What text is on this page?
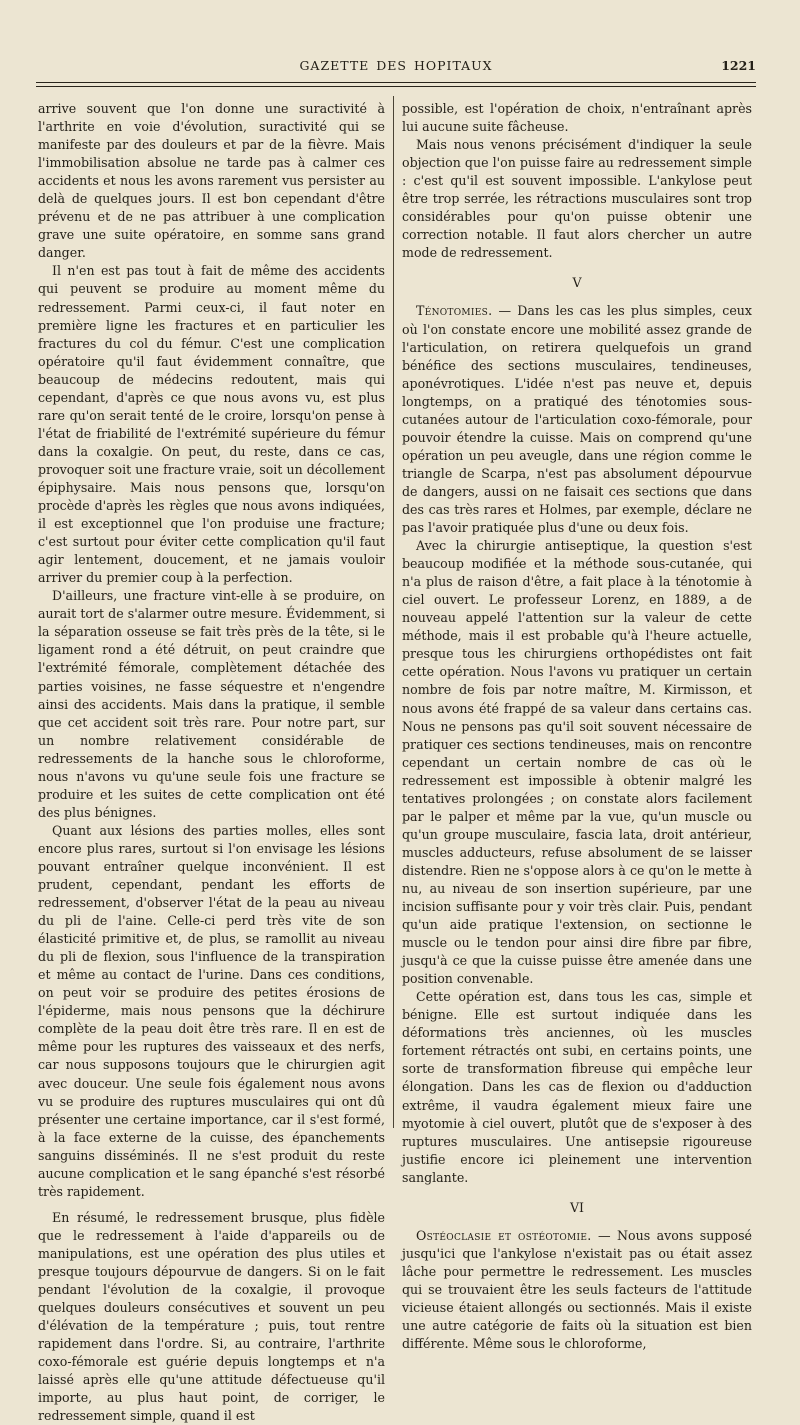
GAZETTE DES HOPITAUX	1221

arrive souvent que l'on donne une suractivité à l'arthrite en voie d'évolution, suractivité qui se manifeste par des douleurs et par de la fièvre. Mais l'immobilisation absolue ne tarde pas à calmer ces accidents et nous les avons rarement vus persister au delà de quelques jours. Il est bon cependant d'être prévenu et de ne pas attribuer à une complication grave une suite opératoire, en somme sans grand danger.

Il n'en est pas tout à fait de même des accidents qui peuvent se produire au moment même du redressement. Parmi ceux-ci, il faut noter en première ligne les fractures et en particulier les fractures du col du fémur. C'est une complication opératoire qu'il faut évidemment connaître, que beaucoup de médecins redoutent, mais qui cependant, d'après ce que nous avons vu, est plus rare qu'on serait tenté de le croire, lorsqu'on pense à l'état de friabilité de l'extrémité supérieure du fémur dans la coxalgie. On peut, du reste, dans ce cas, provoquer soit une fracture vraie, soit un décollement épiphysaire. Mais nous pensons que, lorsqu'on procède d'après les règles que nous avons indiquées, il est exceptionnel que l'on produise une fracture; c'est surtout pour éviter cette complication qu'il faut agir lentement, doucement, et ne jamais vouloir arriver du premier coup à la perfection.

D'ailleurs, une fracture vint-elle à se produire, on aurait tort de s'alarmer outre mesure. Évidemment, si la séparation osseuse se fait très près de la tête, si le ligament rond a été détruit, on peut craindre que l'extrémité fémorale, complètement détachée des parties voisines, ne fasse séquestre et n'engendre ainsi des accidents. Mais dans la pratique, il semble que cet accident soit très rare. Pour notre part, sur un nombre relativement considérable de redressements de la hanche sous le chloroforme, nous n'avons vu qu'une seule fois une fracture se produire et les suites de cette complication ont été des plus bénignes.

Quant aux lésions des parties molles, elles sont encore plus rares, surtout si l'on envisage les lésions pouvant entraîner quelque inconvénient. Il est prudent, cependant, pendant les efforts de redressement, d'observer l'état de la peau au niveau du pli de l'aine. Celle-ci perd très vite de son élasticité primitive et, de plus, se ramollit au niveau du pli de flexion, sous l'influence de la transpiration et même au contact de l'urine. Dans ces conditions, on peut voir se produire des petites érosions de l'épiderme, mais nous pensons que la déchirure complète de la peau doit être très rare. Il en est de même pour les ruptures des vaisseaux et des nerfs, car nous supposons toujours que le chirurgien agit avec douceur. Une seule fois également nous avons vu se produire des ruptures musculaires qui ont dû présenter une certaine importance, car il s'est formé, à la face externe de la cuisse, des épanchements sanguins disséminés. Il ne s'est produit du reste aucune complication et le sang épanché s'est résorbé très rapidement.

En résumé, le redressement brusque, plus fidèle que le redressement à l'aide d'appareils ou de manipulations, est une opération des plus utiles et presque toujours dépourvue de dangers. Si on le fait pendant l'évolution de la coxalgie, il provoque quelques douleurs consécutives et souvent un peu d'élévation de la température ; puis, tout rentre rapidement dans l'ordre. Si, au contraire, l'arthrite coxo-fémorale est guérie depuis longtemps et n'a laissé après elle qu'une attitude défectueuse qu'il importe, au plus haut point, de corriger, le redressement simple, quand il est

possible, est l'opération de choix, n'entraînant après lui aucune suite fâcheuse.

Mais nous venons précisément d'indiquer la seule objection que l'on puisse faire au redressement simple : c'est qu'il est souvent impossible. L'ankylose peut être trop serrée, les rétractions musculaires sont trop considérables pour qu'on puisse obtenir une correction notable. Il faut alors chercher un autre mode de redressement.

V

Ténotomies. — Dans les cas les plus simples, ceux où l'on constate encore une mobilité assez grande de l'articulation, on retirera quelquefois un grand bénéfice des sections musculaires, tendineuses, aponévrotiques. L'idée n'est pas neuve et, depuis longtemps, on a pratiqué des ténotomies sous-cutanées autour de l'articulation coxo-fémorale, pour pouvoir étendre la cuisse. Mais on comprend qu'une opération un peu aveugle, dans une région comme le triangle de Scarpa, n'est pas absolument dépourvue de dangers, aussi on ne faisait ces sections que dans des cas très rares et Holmes, par exemple, déclare ne pas l'avoir pratiquée plus d'une ou deux fois.

Avec la chirurgie antiseptique, la question s'est beaucoup modifiée et la méthode sous-cutanée, qui n'a plus de raison d'être, a fait place à la ténotomie à ciel ouvert. Le professeur Lorenz, en 1889, a de nouveau appelé l'attention sur la valeur de cette méthode, mais il est probable qu'à l'heure actuelle, presque tous les chirurgiens orthopédistes ont fait cette opération. Nous l'avons vu pratiquer un certain nombre de fois par notre maître, M. Kirmisson, et nous avons été frappé de sa valeur dans certains cas. Nous ne pensons pas qu'il soit souvent nécessaire de pratiquer ces sections tendineuses, mais on rencontre cependant un certain nombre de cas où le redressement est impossible à obtenir malgré les tentatives prolongées ; on constate alors facilement par le palper et même par la vue, qu'un muscle ou qu'un groupe musculaire, fascia lata, droit antérieur, muscles adducteurs, refuse absolument de se laisser distendre. Rien ne s'oppose alors à ce qu'on le mette à nu, au niveau de son insertion supérieure, par une incision suffisante pour y voir très clair. Puis, pendant qu'un aide pratique l'extension, on sectionne le muscle ou le tendon pour ainsi dire fibre par fibre, jusqu'à ce que la cuisse puisse être amenée dans une position convenable.

Cette opération est, dans tous les cas, simple et bénigne. Elle est surtout indiquée dans les déformations très anciennes, où les muscles fortement rétractés ont subi, en certains points, une sorte de transformation fibreuse qui empêche leur élongation. Dans les cas de flexion ou d'adduction extrême, il vaudra également mieux faire une myotomie à ciel ouvert, plutôt que de s'exposer à des ruptures musculaires. Une antisepsie rigoureuse justifie encore ici pleinement une intervention sanglante.

VI

Ostéoclasie et ostéotomie. — Nous avons supposé jusqu'ici que l'ankylose n'existait pas ou était assez lâche pour permettre le redressement. Les muscles qui se trouvaient être les seuls facteurs de l'attitude vicieuse étaient allongés ou sectionnés. Mais il existe une autre catégorie de faits où la situation est bien différente. Même sous le chloroforme,
